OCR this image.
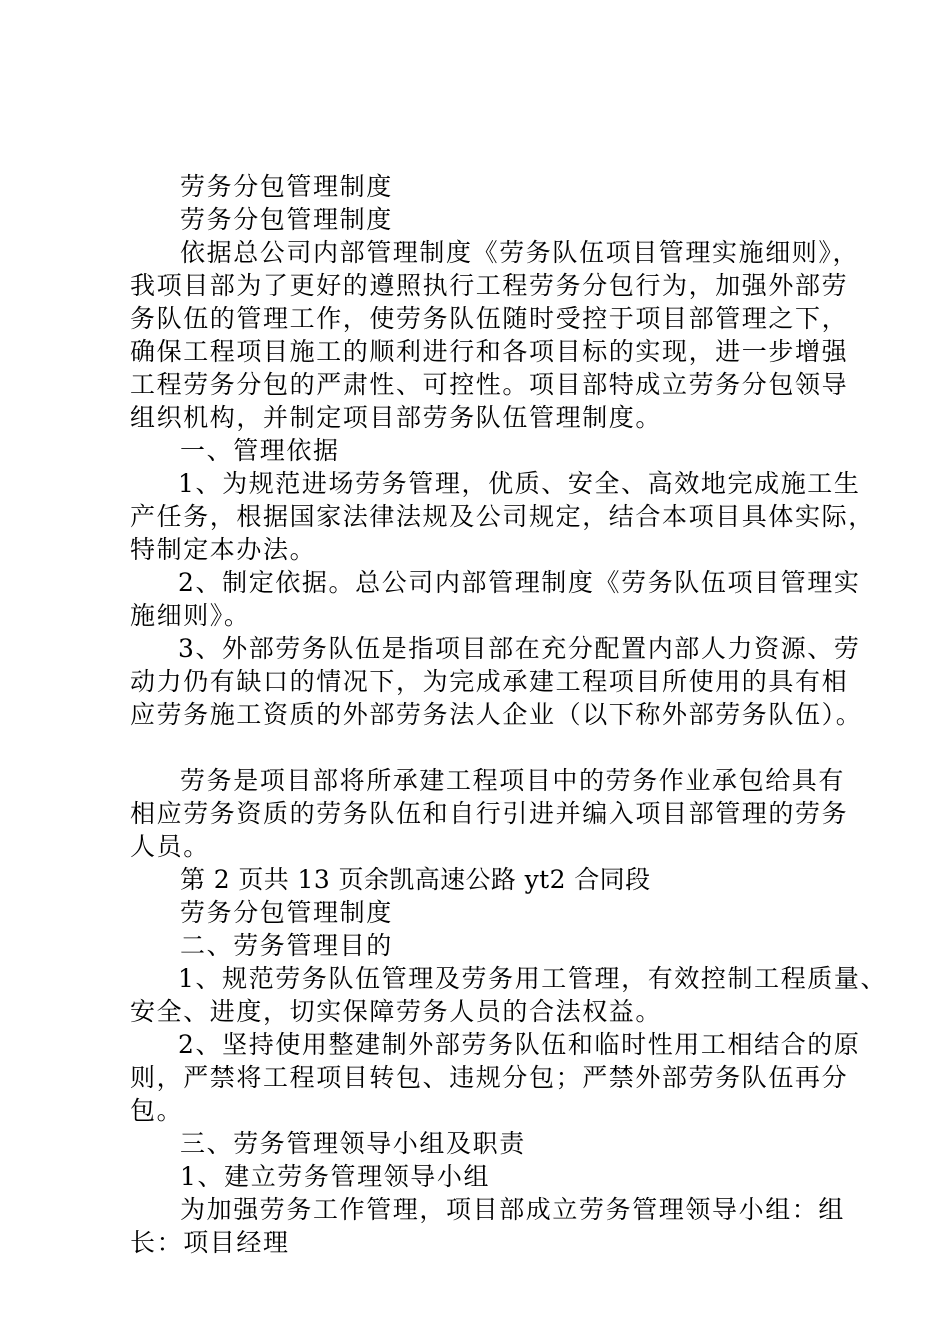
劳务分包管理制度
劳务分包管理制度
依据总公司内部管理制度《劳务队伍项目管理实施细则》，
我项目部为了更好的遵照执行工程劳务分包行为，加强外部劳
务队伍的管理工作，使劳务队伍随时受控于项目部管理之下，
确保工程项目施工的顺利进行和各项目标的实现，进一步增强
工程劳务分包的严肃性、可控性。项目部特成立劳务分包领导
组织机构，并制定项目部劳务队伍管理制度。
一、管理依据
1、为规范进场劳务管理，优质、安全、高效地完成施工生
产任务，根据国家法律法规及公司规定，结合本项目具体实际，
特制定本办法。
2、制定依据。总公司内部管理制度《劳务队伍项目管理实
施细则》。
3、外部劳务队伍是指项目部在充分配置内部人力资源、劳
动力仍有缺口的情况下，为完成承建工程项目所使用的具有相
应劳务施工资质的外部劳务法人企业（以下称外部劳务队伍）。
劳务是项目部将所承建工程项目中的劳务作业承包给具有
相应劳务资质的劳务队伍和自行引进并编入项目部管理的劳务
人员。
第 2 页共 13 页余凯高速公路 yt2 合同段
劳务分包管理制度
二、劳务管理目的
1、规范劳务队伍管理及劳务用工管理，有效控制工程质量、
安全、进度，切实保障劳务人员的合法权益。
2、坚持使用整建制外部劳务队伍和临时性用工相结合的原
则，严禁将工程项目转包、违规分包；严禁外部劳务队伍再分
包。
三、劳务管理领导小组及职责
1、建立劳务管理领导小组
为加强劳务工作管理，项目部成立劳务管理领导小组：组
长：项目经理
